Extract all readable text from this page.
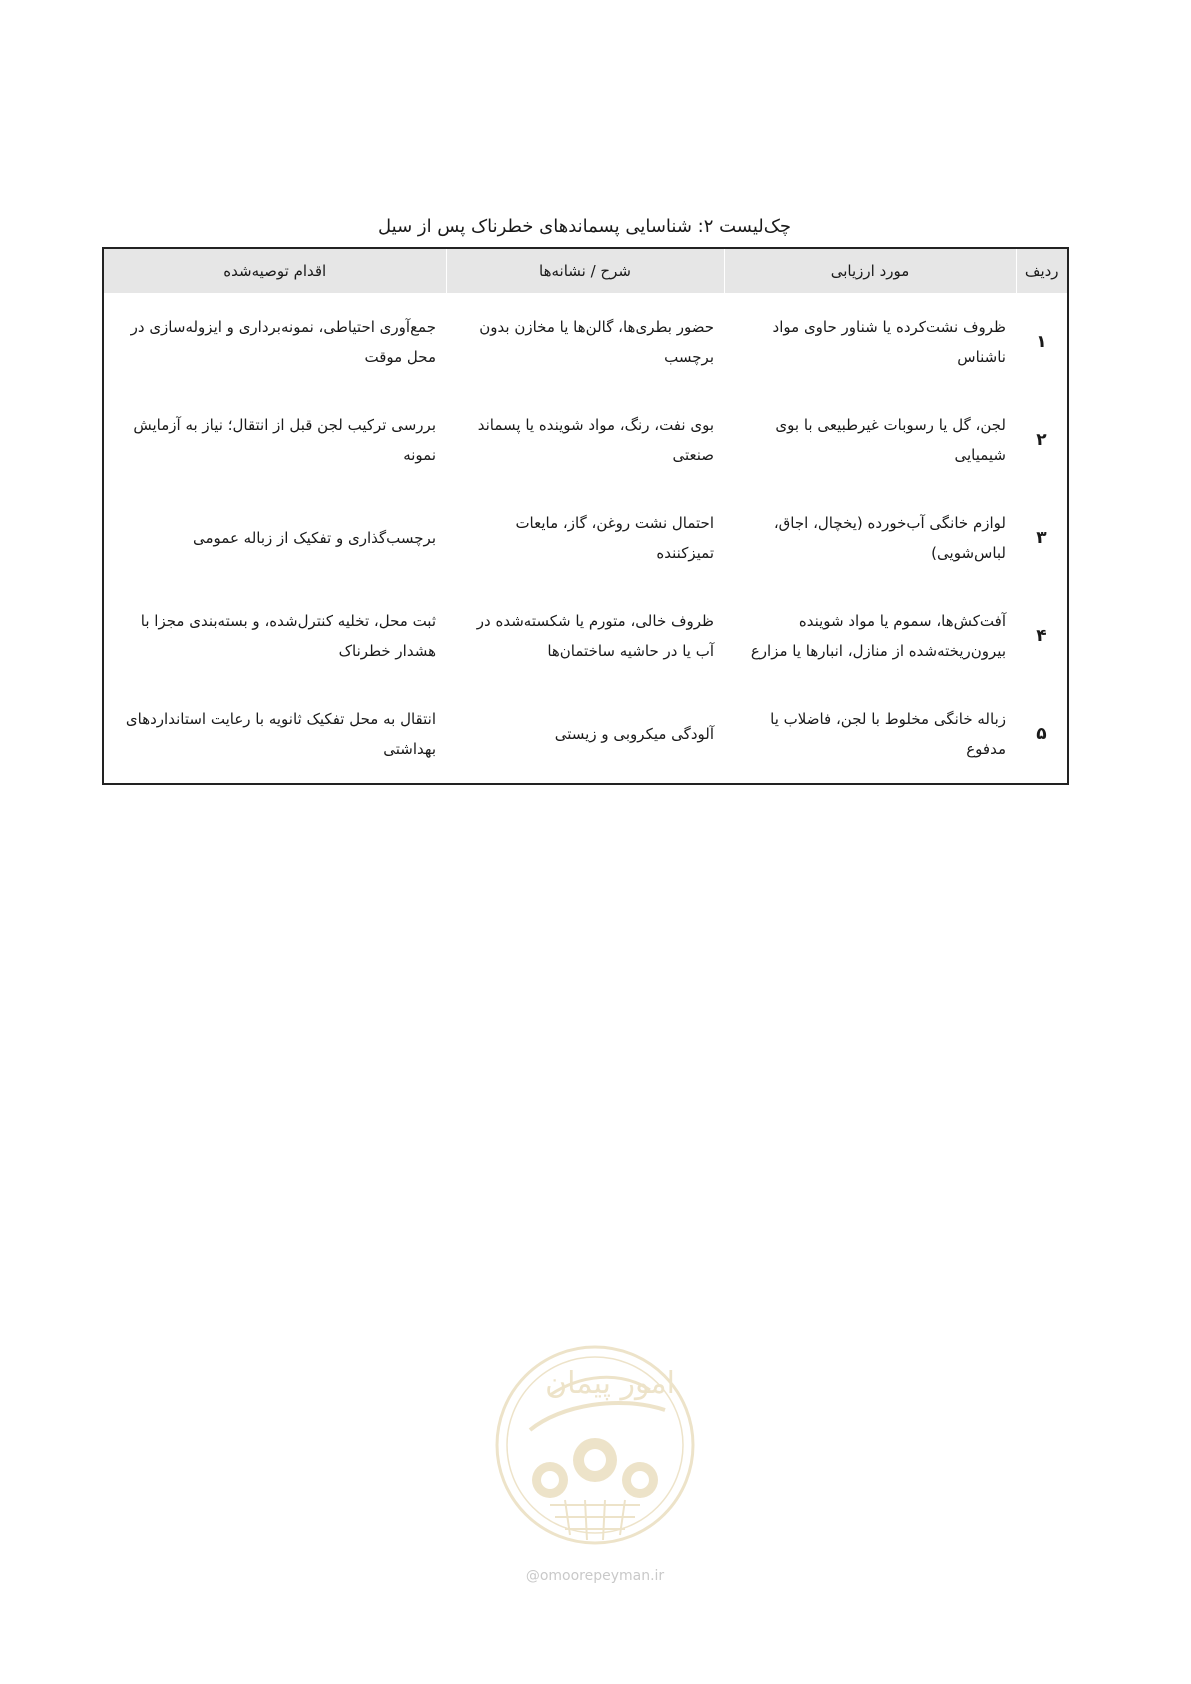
چک‌لیست ۲: شناسایی پسماندهای خطرناک پس از سیل
ردیف	مورد ارزیابی	شرح / نشانه‌ها	اقدام توصیه‌شده
۱	ظروف نشت‌کرده یا شناور حاوی مواد ناشناس	حضور بطری‌ها، گالن‌ها یا مخازن بدون برچسب	جمع‌آوری احتیاطی، نمونه‌برداری و ایزوله‌سازی در محل موقت
۲	لجن، گل یا رسوبات غیرطبیعی با بوی شیمیایی	بوی نفت، رنگ، مواد شوینده یا پسماند صنعتی	بررسی ترکیب لجن قبل از انتقال؛ نیاز به آزمایش نمونه
۳	لوازم خانگی آب‌خورده (یخچال، اجاق، لباس‌شویی)	احتمال نشت روغن، گاز، مایعات تمیزکننده	برچسب‌گذاری و تفکیک از زباله عمومی
۴	آفت‌کش‌ها، سموم یا مواد شوینده بیرون‌ریخته‌شده از منازل، انبارها یا مزارع	ظروف خالی، متورم یا شکسته‌شده در آب یا در حاشیه ساختمان‌ها	ثبت محل، تخلیه کنترل‌شده، و بسته‌بندی مجزا با هشدار خطرناک
۵	زباله خانگی مخلوط با لجن، فاضلاب یا مدفوع	آلودگی میکروبی و زیستی	انتقال به محل تفکیک ثانویه با رعایت استانداردهای بهداشتی
امور پیمان
@omoorepeyman.ir
